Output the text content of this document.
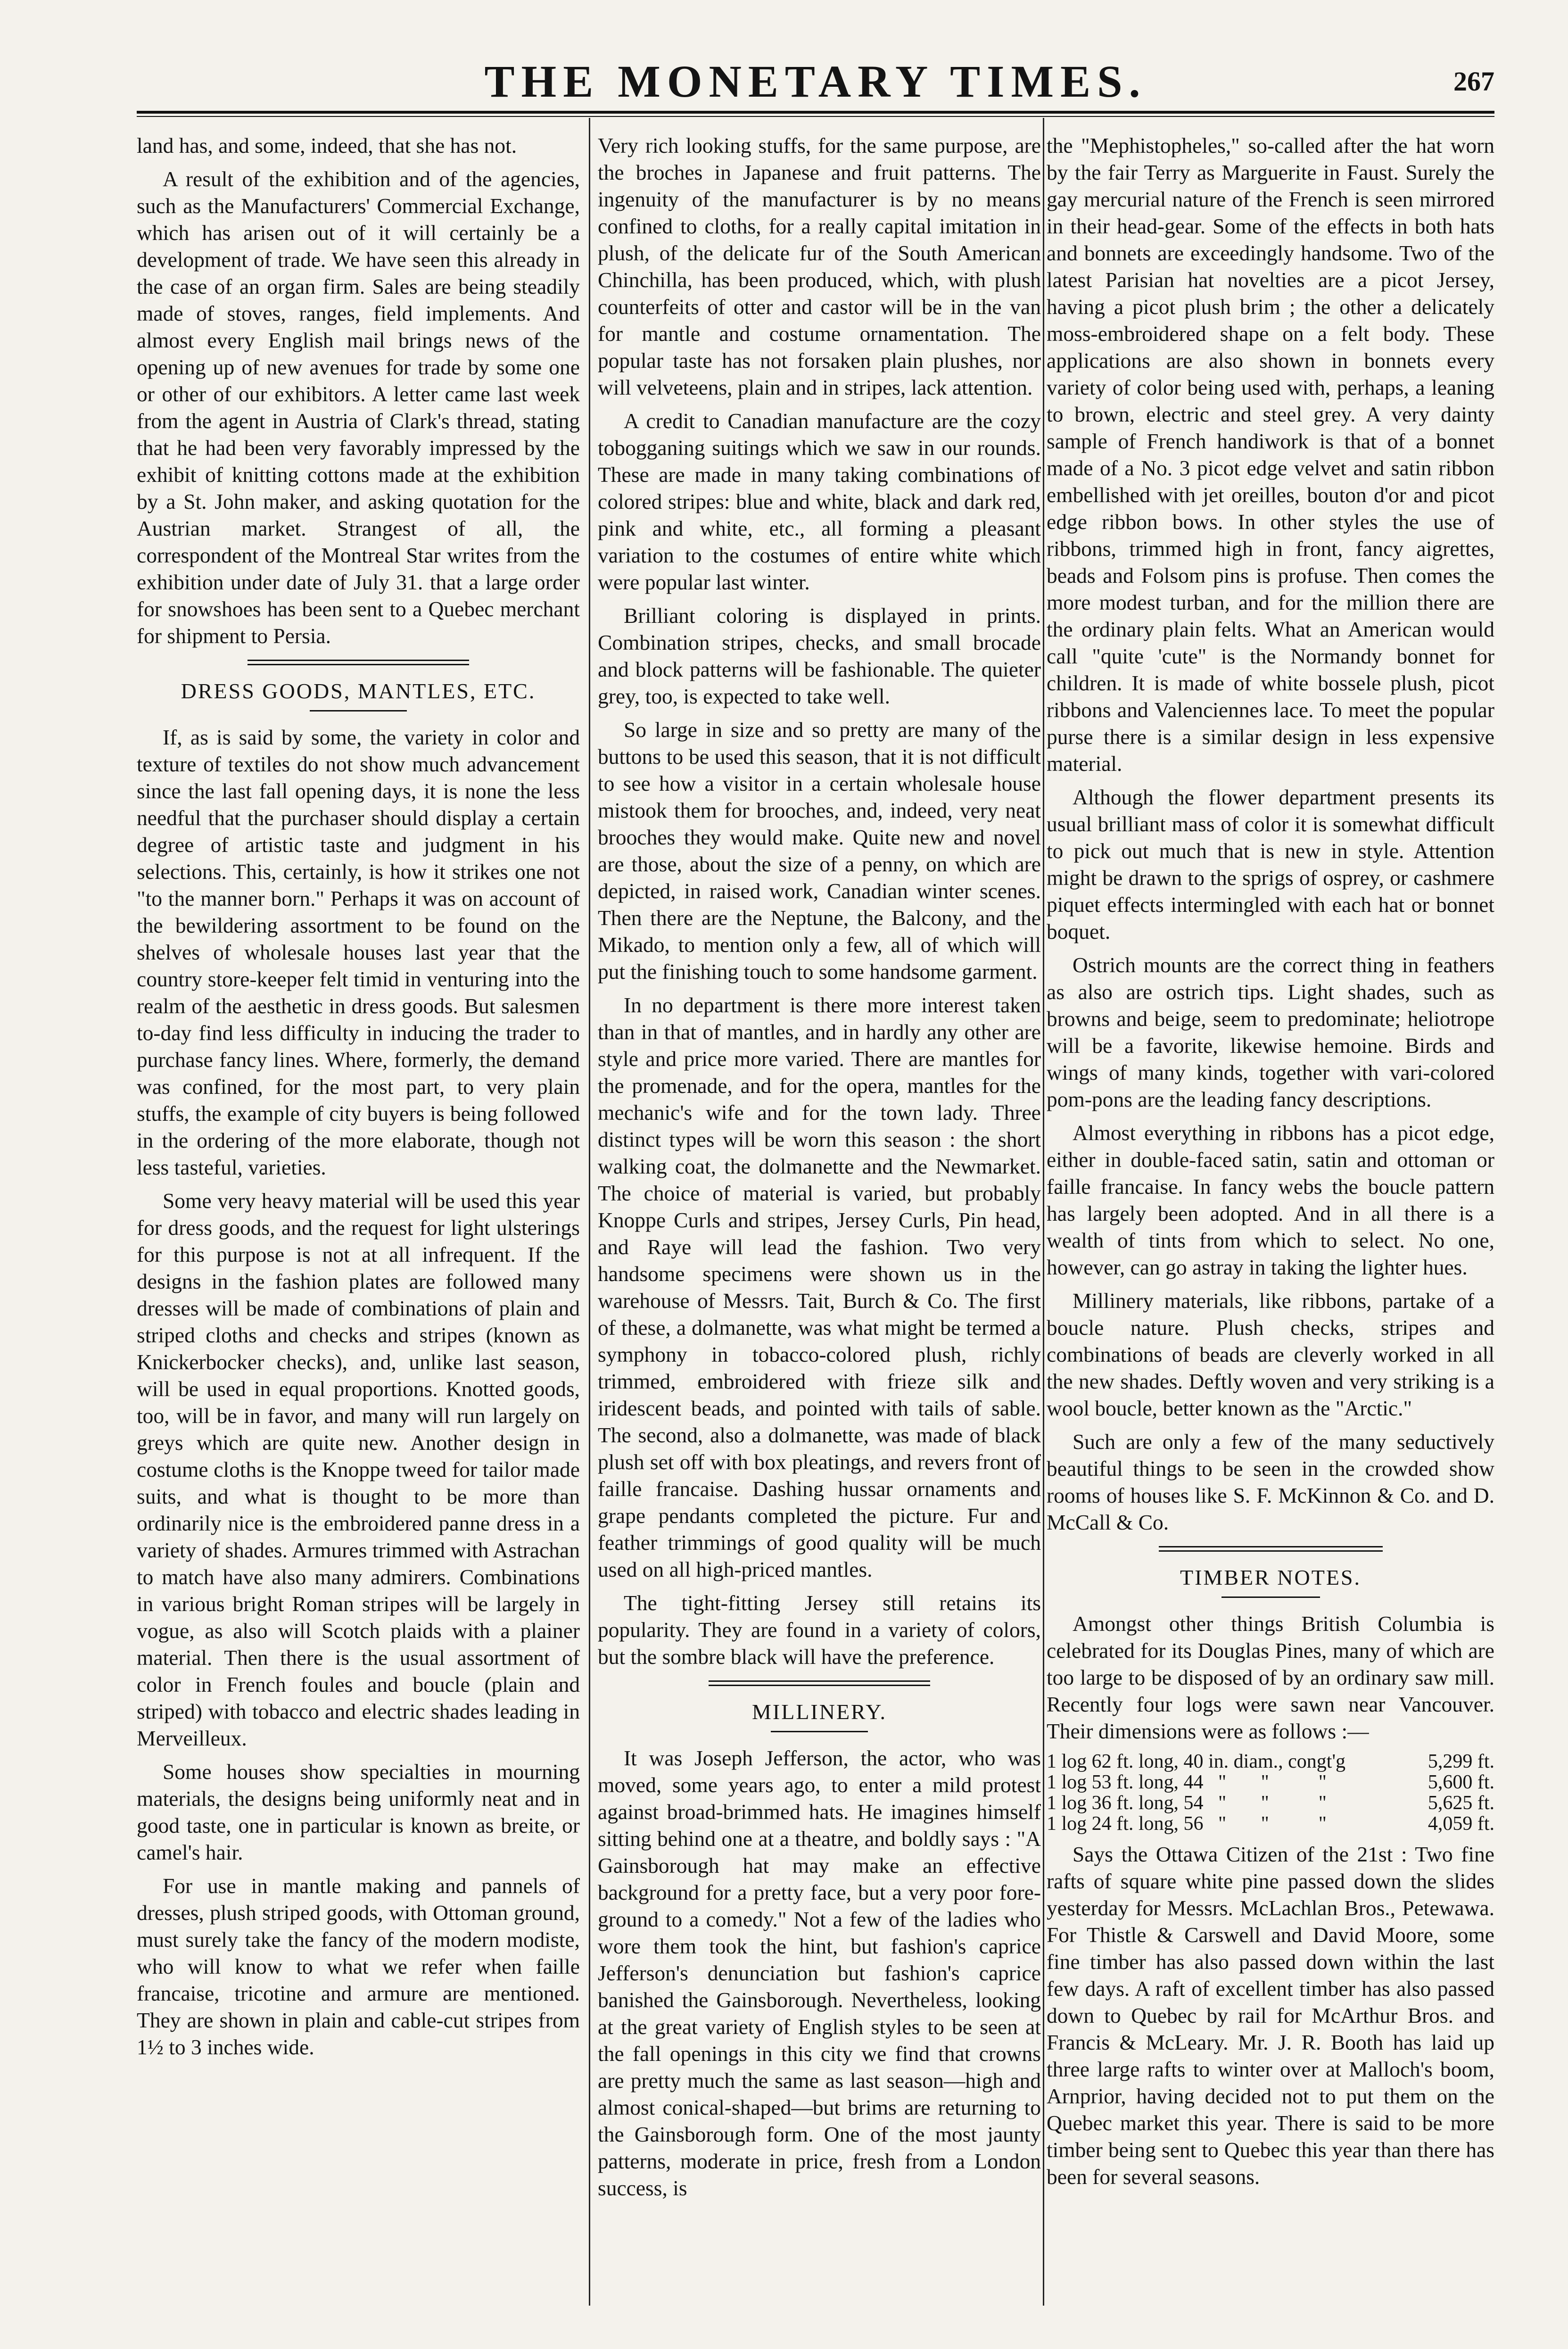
THE MONETARY TIMES.	267

land has, and some, indeed, that she has not.

A result of the exhibition and of the agencies, such as the Manufacturers' Commercial Exchange, which has arisen out of it will certainly be a development of trade. We have seen this already in the case of an organ firm. Sales are being steadily made of stoves, ranges, field implements. And almost every English mail brings news of the opening up of new avenues for trade by some one or other of our exhibitors. A letter came last week from the agent in Austria of Clark's thread, stating that he had been very favorably impressed by the exhibit of knitting cottons made at the exhibition by a St. John maker, and asking quotation for the Austrian market. Strangest of all, the correspondent of the Montreal Star writes from the exhibition under date of July 31. that a large order for snowshoes has been sent to a Quebec merchant for shipment to Persia.

DRESS GOODS, MANTLES, ETC.

If, as is said by some, the variety in color and texture of textiles do not show much advancement since the last fall opening days, it is none the less needful that the purchaser should display a certain degree of artistic taste and judgment in his selections. This, certainly, is how it strikes one not "to the manner born." Perhaps it was on account of the bewildering assortment to be found on the shelves of wholesale houses last year that the country store-keeper felt timid in venturing into the realm of the aesthetic in dress goods. But salesmen to-day find less difficulty in inducing the trader to purchase fancy lines. Where, formerly, the demand was confined, for the most part, to very plain stuffs, the example of city buyers is being followed in the ordering of the more elaborate, though not less tasteful, varieties.

Some very heavy material will be used this year for dress goods, and the request for light ulsterings for this purpose is not at all infrequent. If the designs in the fashion plates are followed many dresses will be made of combinations of plain and striped cloths and checks and stripes (known as Knickerbocker checks), and, unlike last season, will be used in equal proportions. Knotted goods, too, will be in favor, and many will run largely on greys which are quite new. Another design in costume cloths is the Knoppe tweed for tailor made suits, and what is thought to be more than ordinarily nice is the embroidered panne dress in a variety of shades. Armures trimmed with Astrachan to match have also many admirers. Combinations in various bright Roman stripes will be largely in vogue, as also will Scotch plaids with a plainer material. Then there is the usual assortment of color in French foules and boucle (plain and striped) with tobacco and electric shades leading in Merveilleux.

Some houses show specialties in mourning materials, the designs being uniformly neat and in good taste, one in particular is known as breite, or camel's hair.

For use in mantle making and pannels of dresses, plush striped goods, with Ottoman ground, must surely take the fancy of the modern modiste, who will know to what we refer when faille francaise, tricotine and armure are mentioned. They are shown in plain and cable-cut stripes from 1½ to 3 inches wide.

Very rich looking stuffs, for the same purpose, are the broches in Japanese and fruit patterns. The ingenuity of the manufacturer is by no means confined to cloths, for a really capital imitation in plush, of the delicate fur of the South American Chinchilla, has been produced, which, with plush counterfeits of otter and castor will be in the van for mantle and costume ornamentation. The popular taste has not forsaken plain plushes, nor will velveteens, plain and in stripes, lack attention.

A credit to Canadian manufacture are the cozy tobogganing suitings which we saw in our rounds. These are made in many taking combinations of colored stripes: blue and white, black and dark red, pink and white, etc., all forming a pleasant variation to the costumes of entire white which were popular last winter.

Brilliant coloring is displayed in prints. Combination stripes, checks, and small brocade and block patterns will be fashionable. The quieter grey, too, is expected to take well.

So large in size and so pretty are many of the buttons to be used this season, that it is not difficult to see how a visitor in a certain wholesale house mistook them for brooches, and, indeed, very neat brooches they would make. Quite new and novel are those, about the size of a penny, on which are depicted, in raised work, Canadian winter scenes. Then there are the Neptune, the Balcony, and the Mikado, to mention only a few, all of which will put the finishing touch to some handsome garment.

In no department is there more interest taken than in that of mantles, and in hardly any other are style and price more varied. There are mantles for the promenade, and for the opera, mantles for the mechanic's wife and for the town lady. Three distinct types will be worn this season : the short walking coat, the dolmanette and the Newmarket. The choice of material is varied, but probably Knoppe Curls and stripes, Jersey Curls, Pin head, and Raye will lead the fashion. Two very handsome specimens were shown us in the warehouse of Messrs. Tait, Burch & Co. The first of these, a dolmanette, was what might be termed a symphony in tobacco-colored plush, richly trimmed, embroidered with frieze silk and iridescent beads, and pointed with tails of sable. The second, also a dolmanette, was made of black plush set off with box pleatings, and revers front of faille francaise. Dashing hussar ornaments and grape pendants completed the picture. Fur and feather trimmings of good quality will be much used on all high-priced mantles.

The tight-fitting Jersey still retains its popularity. They are found in a variety of colors, but the sombre black will have the preference.

MILLINERY.

It was Joseph Jefferson, the actor, who was moved, some years ago, to enter a mild protest against broad-brimmed hats. He imagines himself sitting behind one at a theatre, and boldly says : "A Gainsborough hat may make an effective background for a pretty face, but a very poor fore-ground to a comedy." Not a few of the ladies who wore them took the hint, but fashion's caprice Jefferson's denunciation but fashion's caprice banished the Gainsborough. Nevertheless, looking at the great variety of English styles to be seen at the fall openings in this city we find that crowns are pretty much the same as last season—high and almost conical-shaped—but brims are returning to the Gainsborough form. One of the most jaunty patterns, moderate in price, fresh from a London success, is

the "Mephistopheles," so-called after the hat worn by the fair Terry as Marguerite in Faust. Surely the gay mercurial nature of the French is seen mirrored in their head-gear. Some of the effects in both hats and bonnets are exceedingly handsome. Two of the latest Parisian hat novelties are a picot Jersey, having a picot plush brim ; the other a delicately moss-embroidered shape on a felt body. These applications are also shown in bonnets every variety of color being used with, perhaps, a leaning to brown, electric and steel grey. A very dainty sample of French handiwork is that of a bonnet made of a No. 3 picot edge velvet and satin ribbon embellished with jet oreilles, bouton d'or and picot edge ribbon bows. In other styles the use of ribbons, trimmed high in front, fancy aigrettes, beads and Folsom pins is profuse. Then comes the more modest turban, and for the million there are the ordinary plain felts. What an American would call "quite 'cute" is the Normandy bonnet for children. It is made of white bossele plush, picot ribbons and Valenciennes lace. To meet the popular purse there is a similar design in less expensive material.

Although the flower department presents its usual brilliant mass of color it is somewhat difficult to pick out much that is new in style. Attention might be drawn to the sprigs of osprey, or cashmere piquet effects intermingled with each hat or bonnet boquet.

Ostrich mounts are the correct thing in feathers as also are ostrich tips. Light shades, such as browns and beige, seem to predominate; heliotrope will be a favorite, likewise hemoine. Birds and wings of many kinds, together with vari-colored pom-pons are the leading fancy descriptions.

Almost everything in ribbons has a picot edge, either in double-faced satin, satin and ottoman or faille francaise. In fancy webs the boucle pattern has largely been adopted. And in all there is a wealth of tints from which to select. No one, however, can go astray in taking the lighter hues.

Millinery materials, like ribbons, partake of a boucle nature. Plush checks, stripes and combinations of beads are cleverly worked in all the new shades. Deftly woven and very striking is a wool boucle, better known as the "Arctic."

Such are only a few of the many seductively beautiful things to be seen in the crowded show rooms of houses like S. F. McKinnon & Co. and D. McCall & Co.

TIMBER NOTES.

Amongst other things British Columbia is celebrated for its Douglas Pines, many of which are too large to be disposed of by an ordinary saw mill. Recently four logs were sawn near Vancouver. Their dimensions were as follows :—

1 log 62 ft. long, 40 in. diam., congt'g	5,299 ft.
1 log 53 ft. long, 44   "       "          "	5,600 ft.
1 log 36 ft. long, 54   "       "          "	5,625 ft.
1 log 24 ft. long, 56   "       "          "	4,059 ft.

Says the Ottawa Citizen of the 21st : Two fine rafts of square white pine passed down the slides yesterday for Messrs. McLachlan Bros., Petewawa. For Thistle & Carswell and David Moore, some fine timber has also passed down within the last few days. A raft of excellent timber has also passed down to Quebec by rail for McArthur Bros. and Francis & McLeary. Mr. J. R. Booth has laid up three large rafts to winter over at Malloch's boom, Arnprior, having decided not to put them on the Quebec market this year. There is said to be more timber being sent to Quebec this year than there has been for several seasons.
